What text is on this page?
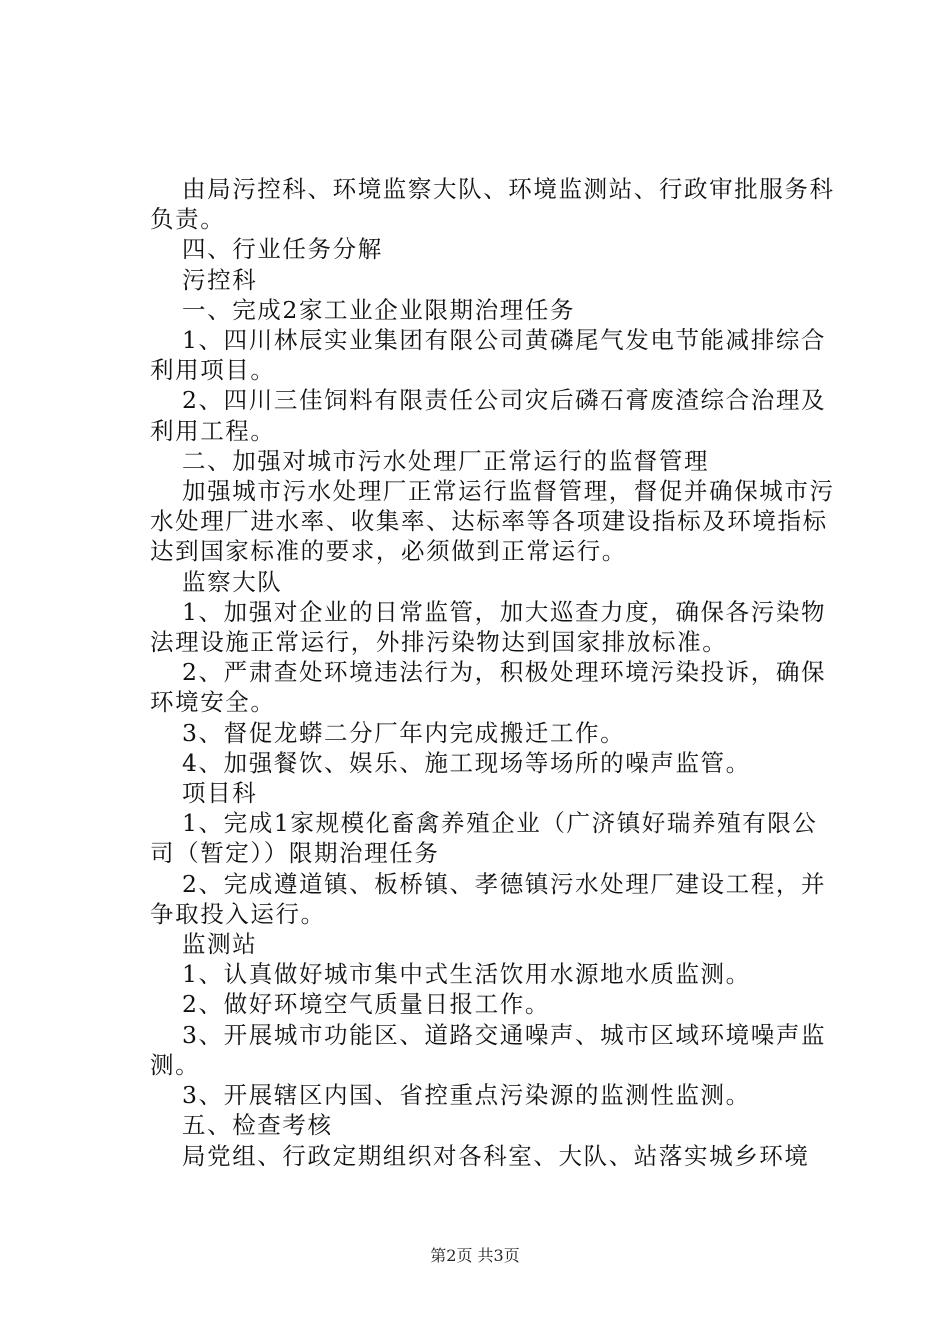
由局污控科、环境监察大队、环境监测站、行政审批服务科负责。

四、行业任务分解

污控科

一、完成2家工业企业限期治理任务

1、四川林辰实业集团有限公司黄磷尾气发电节能减排综合利用项目。

2、四川三佳饲料有限责任公司灾后磷石膏废渣综合治理及利用工程。

二、加强对城市污水处理厂正常运行的监督管理

加强城市污水处理厂正常运行监督管理，督促并确保城市污水处理厂进水率、收集率、达标率等各项建设指标及环境指标达到国家标准的要求，必须做到正常运行。

监察大队

1、加强对企业的日常监管，加大巡查力度，确保各污染物法理设施正常运行，外排污染物达到国家排放标准。

2、严肃查处环境违法行为，积极处理环境污染投诉，确保环境安全。

3、督促龙蟒二分厂年内完成搬迁工作。

4、加强餐饮、娱乐、施工现场等场所的噪声监管。

项目科

1、完成1家规模化畜禽养殖企业（广济镇好瑞养殖有限公司（暂定））限期治理任务

2、完成遵道镇、板桥镇、孝德镇污水处理厂建设工程，并争取投入运行。

监测站

1、认真做好城市集中式生活饮用水源地水质监测。

2、做好环境空气质量日报工作。

3、开展城市功能区、道路交通噪声、城市区域环境噪声监测。

3、开展辖区内国、省控重点污染源的监测性监测。

五、检查考核

局党组、行政定期组织对各科室、大队、站落实城乡环境

第2页 共3页
